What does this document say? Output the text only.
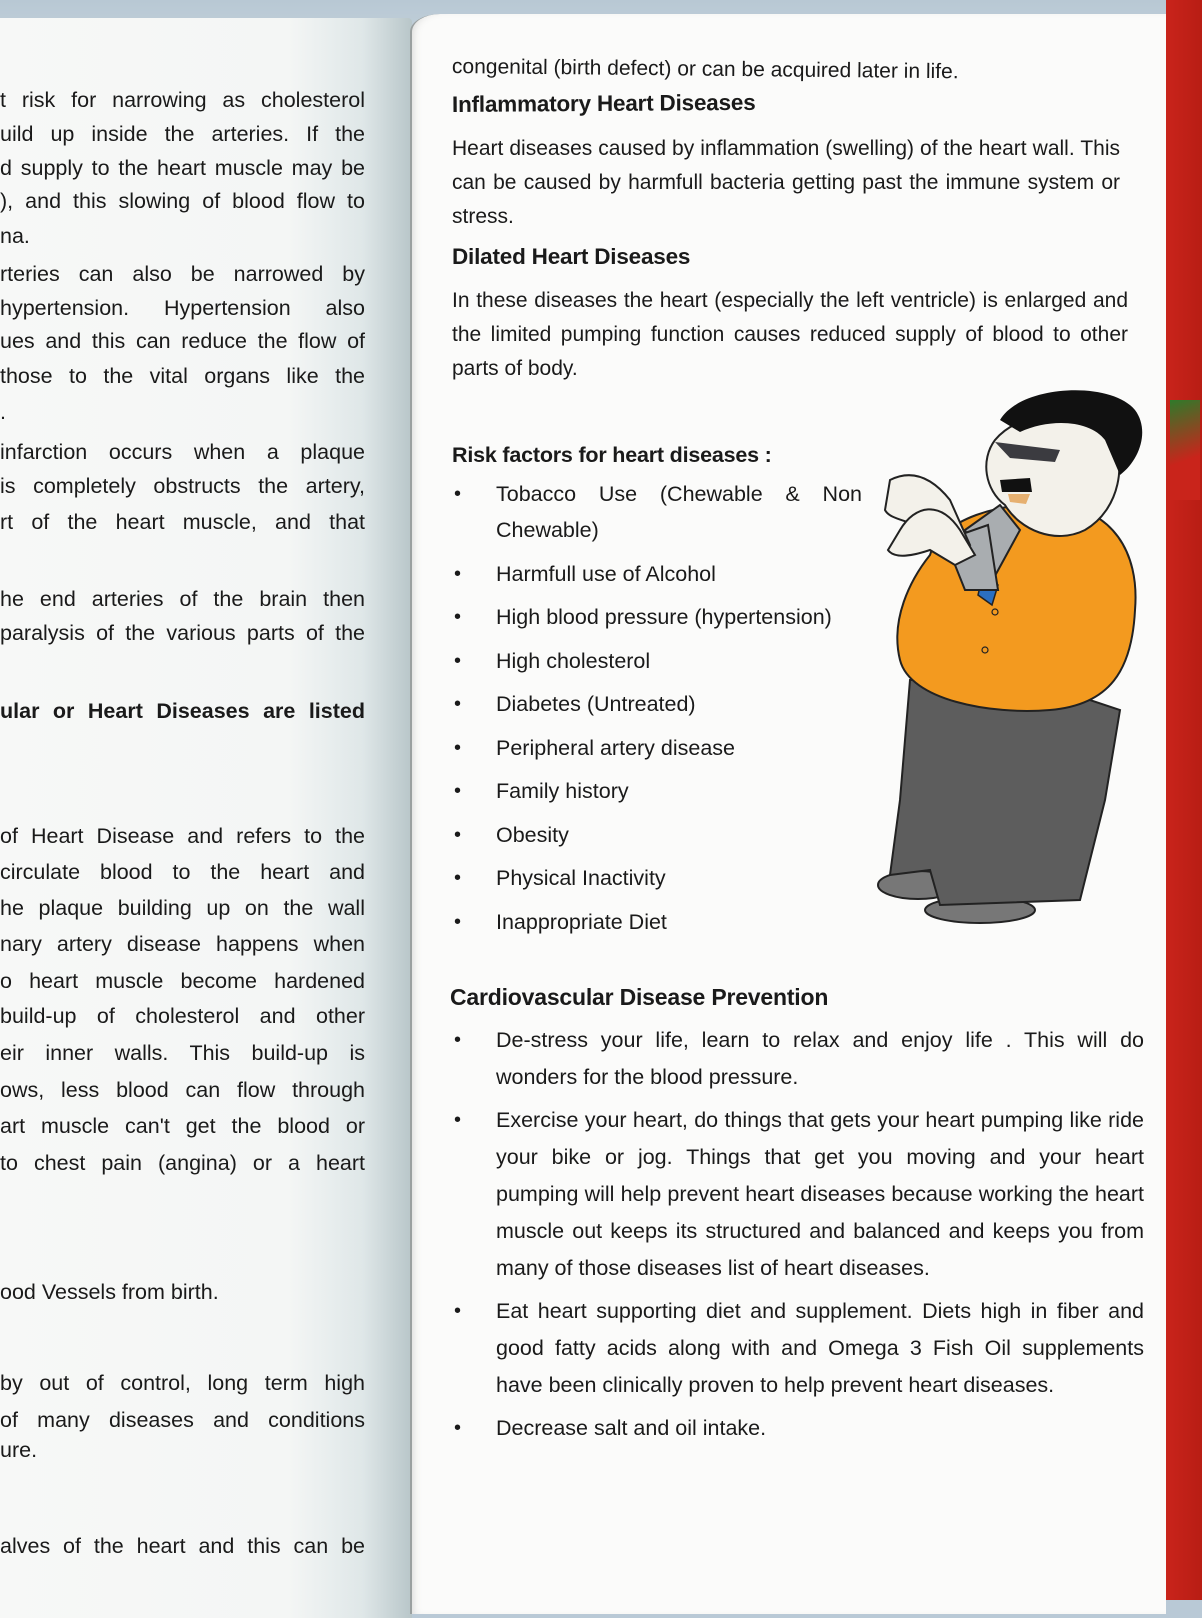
t risk for narrowing as cholesterol
uild up inside the arteries. If the
d supply to the heart muscle may be
), and this slowing of blood flow to
na.
rteries can also be narrowed by
hypertension. Hypertension also
ues and this can reduce the flow of
those to the vital organs like the
.
infarction occurs when a plaque
is completely obstructs the artery,
rt of the heart muscle, and that
he end arteries of the brain then
paralysis of the various parts of the
ular or Heart Diseases are listed
of Heart Disease and refers to the
circulate blood to the heart and
he plaque building up on the wall
nary artery disease happens when
o heart muscle become hardened
build-up of cholesterol and other
eir inner walls. This build-up is
ows, less blood can flow through
art muscle can't get the blood or
to chest pain (angina) or a heart
ood Vessels from birth.
by out of control, long term high
of many diseases and conditions
ure.
alves of the heart and this can be

congenital (birth defect) or can be acquired later in life.

Inflammatory Heart Diseases

Heart diseases caused by inflammation (swelling) of the heart wall. This can be caused by harmfull bacteria getting past the immune system or stress.

Dilated Heart Diseases

In these diseases the heart (especially the left ventricle) is enlarged and the limited pumping function causes reduced supply of blood to other parts of body.

Risk factors for heart diseases :
• Tobacco Use (Chewable & Non Chewable)
• Harmfull use of Alcohol
• High blood pressure (hypertension)
• High cholesterol
• Diabetes (Untreated)
• Peripheral artery disease
• Family history
• Obesity
• Physical Inactivity
• Inappropriate Diet
Cardiovascular Disease Prevention
• De-stress your life, learn to relax and enjoy life . This will do wonders for the blood pressure.
• Exercise your heart, do things that gets your heart pumping like ride your bike or jog. Things that get you moving and your heart pumping will help prevent heart diseases because working the heart muscle out keeps its structured and balanced and keeps you from many of those diseases list of heart diseases.
• Eat heart supporting diet and supplement. Diets high in fiber and good fatty acids along with and Omega 3 Fish Oil supplements have been clinically proven to help prevent heart diseases.
• Decrease salt and oil intake.
